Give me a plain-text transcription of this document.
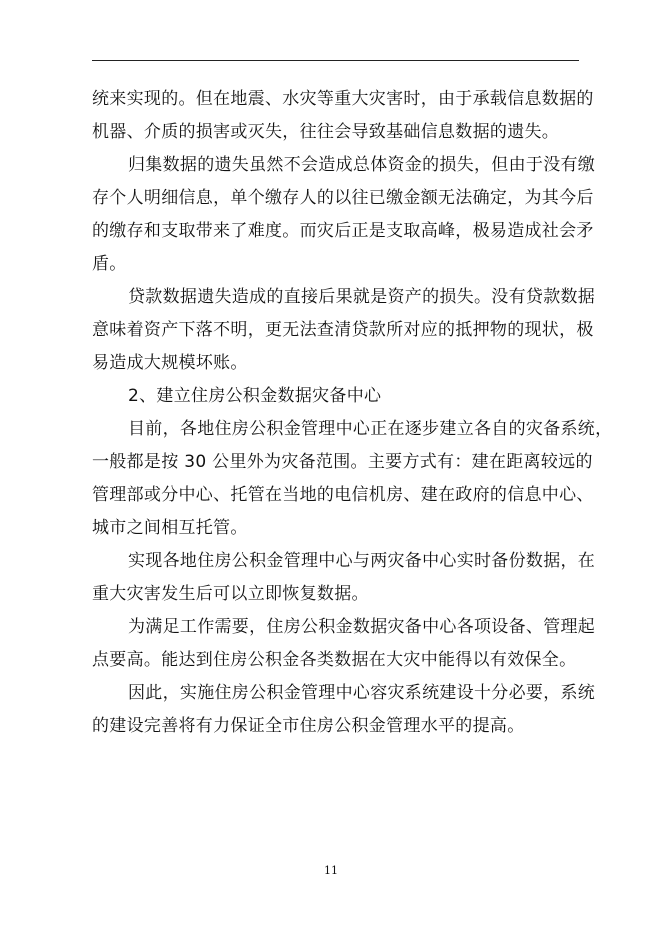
统来实现的。但在地震、水灾等重大灾害时，由于承载信息数据的
机器、介质的损害或灭失，往往会导致基础信息数据的遗失。
归集数据的遗失虽然不会造成总体资金的损失，但由于没有缴
存个人明细信息，单个缴存人的以往已缴金额无法确定，为其今后
的缴存和支取带来了难度。而灾后正是支取高峰，极易造成社会矛
盾。
贷款数据遗失造成的直接后果就是资产的损失。没有贷款数据
意味着资产下落不明，更无法查清贷款所对应的抵押物的现状，极
易造成大规模坏账。
2、建立住房公积金数据灾备中心
目前，各地住房公积金管理中心正在逐步建立各自的灾备系统，
一般都是按 30 公里外为灾备范围。主要方式有：建在距离较远的
管理部或分中心、托管在当地的电信机房、建在政府的信息中心、
城市之间相互托管。
实现各地住房公积金管理中心与两灾备中心实时备份数据，在
重大灾害发生后可以立即恢复数据。
为满足工作需要，住房公积金数据灾备中心各项设备、管理起
点要高。能达到住房公积金各类数据在大灾中能得以有效保全。
因此，实施住房公积金管理中心容灾系统建设十分必要，系统
的建设完善将有力保证全市住房公积金管理水平的提高。
11
